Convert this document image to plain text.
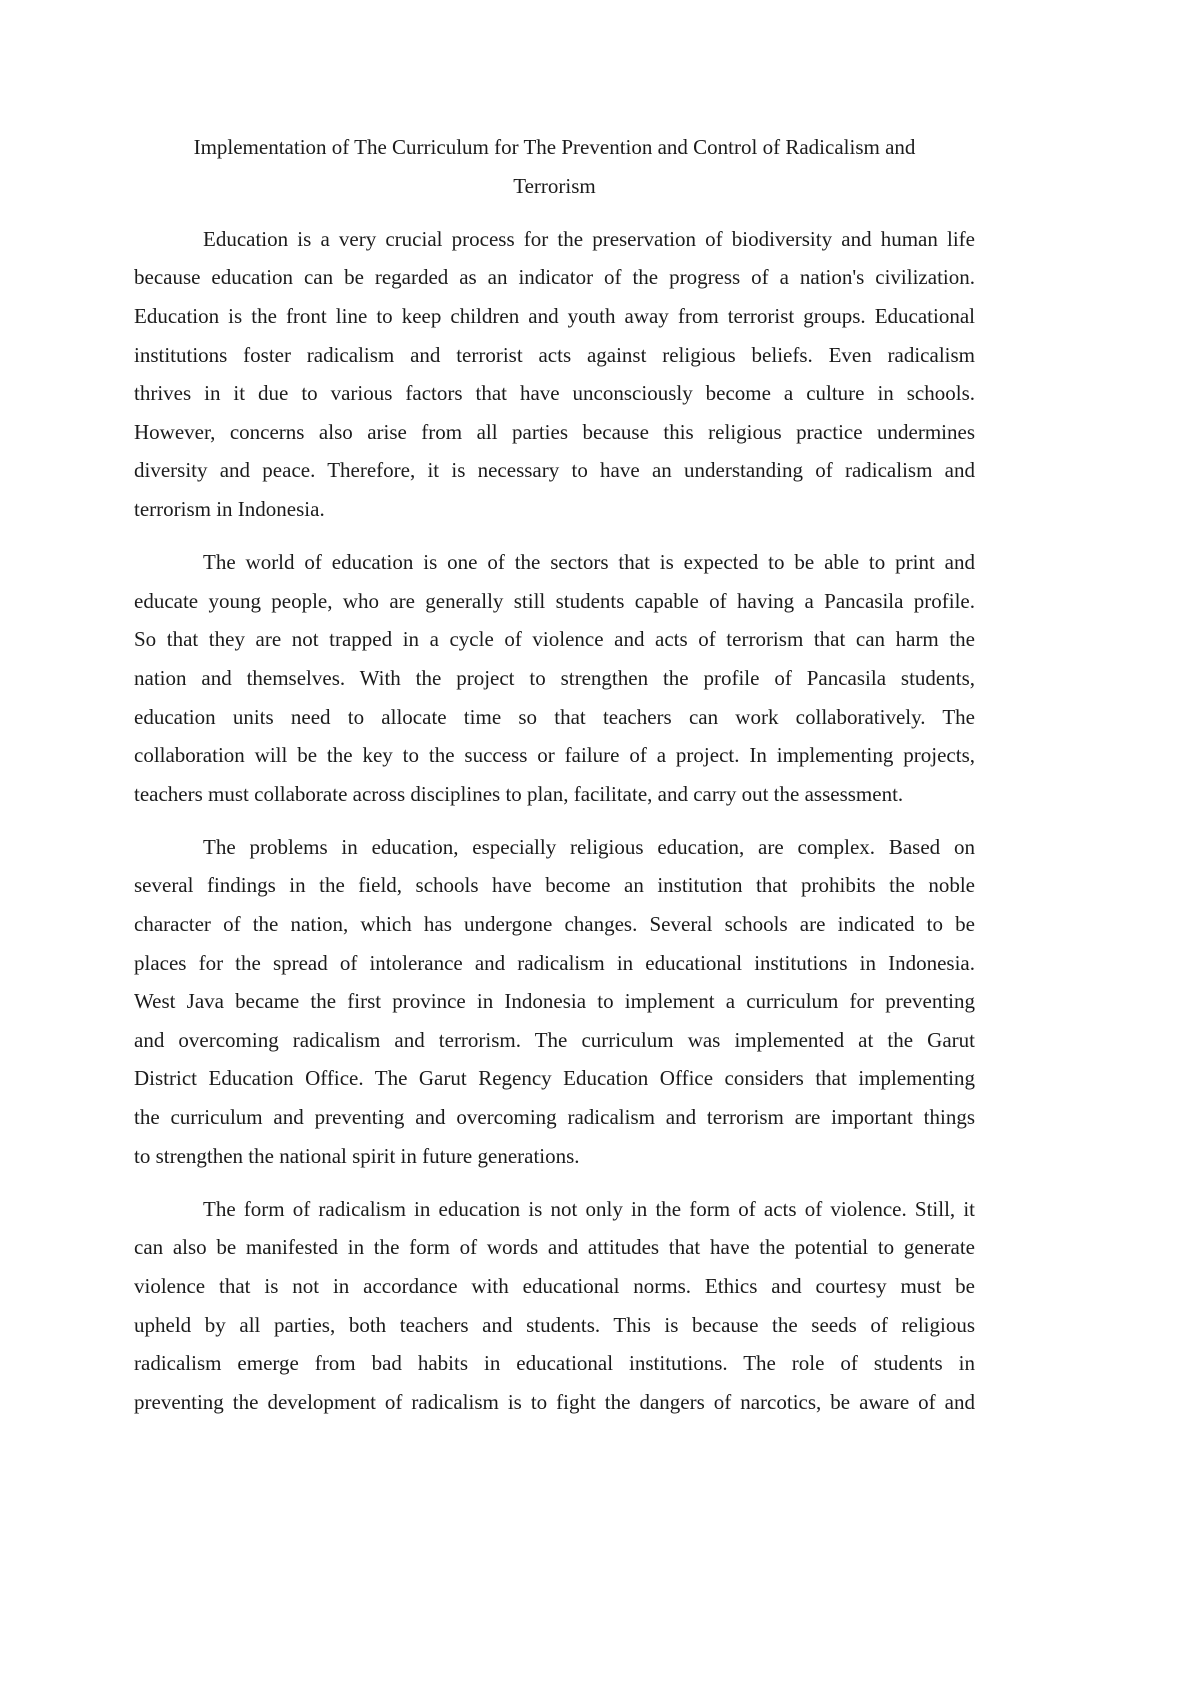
Implementation of The Curriculum for The Prevention and Control of Radicalism and
Terrorism
Education is a very crucial process for the preservation of biodiversity and human life
because education can be regarded as an indicator of the progress of a nation's civilization.
Education is the front line to keep children and youth away from terrorist groups. Educational
institutions foster radicalism and terrorist acts against religious beliefs. Even radicalism
thrives in it due to various factors that have unconsciously become a culture in schools.
However, concerns also arise from all parties because this religious practice undermines
diversity and peace. Therefore, it is necessary to have an understanding of radicalism and
terrorism in Indonesia.
The world of education is one of the sectors that is expected to be able to print and
educate young people, who are generally still students capable of having a Pancasila profile.
So that they are not trapped in a cycle of violence and acts of terrorism that can harm the
nation and themselves. With the project to strengthen the profile of Pancasila students,
education units need to allocate time so that teachers can work collaboratively. The
collaboration will be the key to the success or failure of a project. In implementing projects,
teachers must collaborate across disciplines to plan, facilitate, and carry out the assessment.
The problems in education, especially religious education, are complex. Based on
several findings in the field, schools have become an institution that prohibits the noble
character of the nation, which has undergone changes. Several schools are indicated to be
places for the spread of intolerance and radicalism in educational institutions in Indonesia.
West Java became the first province in Indonesia to implement a curriculum for preventing
and overcoming radicalism and terrorism. The curriculum was implemented at the Garut
District Education Office. The Garut Regency Education Office considers that implementing
the curriculum and preventing and overcoming radicalism and terrorism are important things
to strengthen the national spirit in future generations.
The form of radicalism in education is not only in the form of acts of violence. Still, it
can also be manifested in the form of words and attitudes that have the potential to generate
violence that is not in accordance with educational norms. Ethics and courtesy must be
upheld by all parties, both teachers and students. This is because the seeds of religious
radicalism emerge from bad habits in educational institutions. The role of students in
preventing the development of radicalism is to fight the dangers of narcotics, be aware of and
